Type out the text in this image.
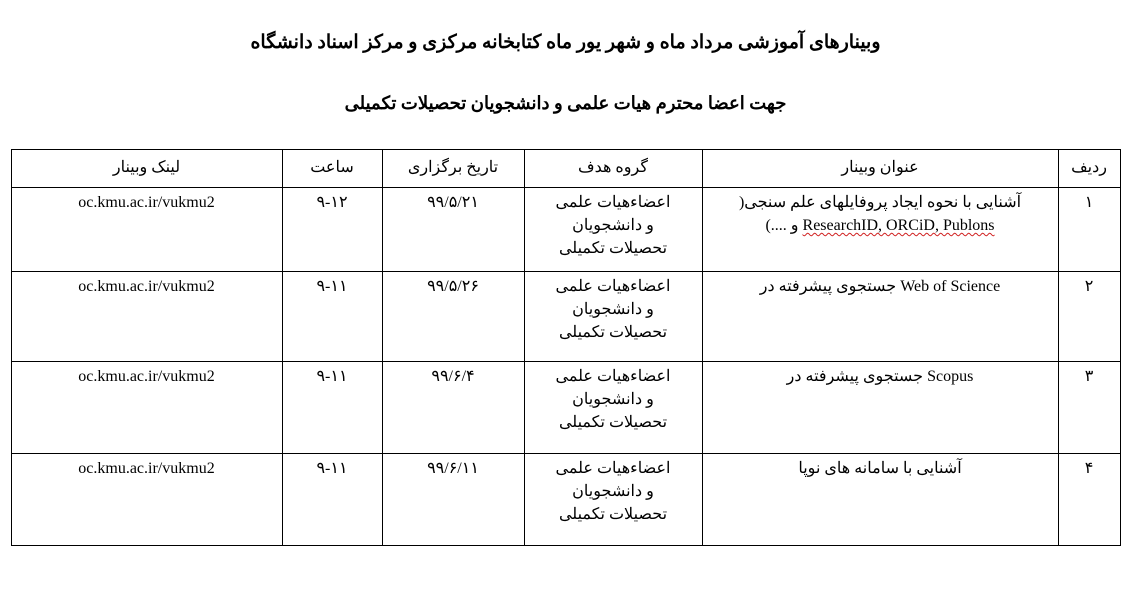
وبینارهای آموزشی مرداد ماه و شهر یور ماه کتابخانه مرکزی و مرکز اسناد دانشگاه
جهت اعضا محترم هیات علمی و دانشجویان تحصیلات تکمیلی
ردیف	عنوان وبینار	گروه هدف	تاریخ برگزاری	ساعت	لینک وبینار
۱	آشنایی با نحوه ایجاد پروفایلهای علم سنجی(
ResearchID, ORCiD, Publons و ....)	اعضاءهیات علمی
و دانشجویان
تحصیلات تکمیلی	۹۹/۵/۲۱	۹-۱۲	oc.kmu.ac.ir/vukmu2
۲	Web of Science جستجوی پیشرفته در	اعضاءهیات علمی
و دانشجویان
تحصیلات تکمیلی	۹۹/۵/۲۶	۹-۱۱	oc.kmu.ac.ir/vukmu2
۳	Scopus جستجوی پیشرفته در	اعضاءهیات علمی
و دانشجویان
تحصیلات تکمیلی	۹۹/۶/۴	۹-۱۱	oc.kmu.ac.ir/vukmu2
۴	آشنایی با سامانه های نوپا	اعضاءهیات علمی
و دانشجویان
تحصیلات تکمیلی	۹۹/۶/۱۱	۹-۱۱	oc.kmu.ac.ir/vukmu2
